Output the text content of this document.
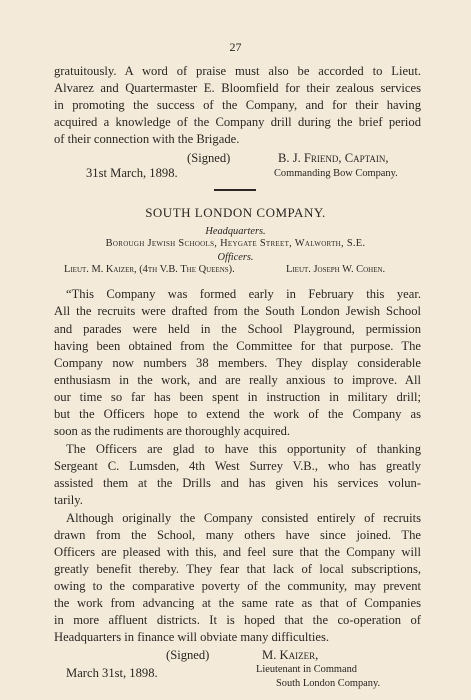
27
gratuitously. A word of praise must also be accorded to Lieut.
Alvarez and Quartermaster E. Bloomfield for their zealous services
in promoting the success of the Company, and for their having
acquired a knowledge of the Company drill during the brief period
of their connection with the Brigade.
(Signed)	B. J. Friend, Captain,
31st March, 1898.	Commanding Bow Company.
SOUTH LONDON COMPANY.
Headquarters.
Borough Jewish Schools, Heygate Street, Walworth, S.E.
Officers.
Lieut. M. Kaizer, (4th V.B. The Queens).	Lieut. Joseph W. Cohen.
“This Company was formed early in February this year.
All the recruits were drafted from the South London Jewish School
and parades were held in the School Playground, permission
having been obtained from the Committee for that purpose. The
Company now numbers 38 members. They display considerable
enthusiasm in the work, and are really anxious to improve. All
our time so far has been spent in instruction in military drill;
but the Officers hope to extend the work of the Company as
soon as the rudiments are thoroughly acquired.
The Officers are glad to have this opportunity of thanking
Sergeant C. Lumsden, 4th West Surrey V.B., who has greatly
assisted them at the Drills and has given his services volun-
tarily.
Although originally the Company consisted entirely of recruits
drawn from the School, many others have since joined. The
Officers are pleased with this, and feel sure that the Company will
greatly benefit thereby. They fear that lack of local subscriptions,
owing to the comparative poverty of the community, may prevent
the work from advancing at the same rate as that of Companies
in more affluent districts. It is hoped that the co-operation of
Headquarters in finance will obviate many difficulties.
(Signed)	M. Kaizer,
March 31st, 1898.	Lieutenant in Command
South London Company.
